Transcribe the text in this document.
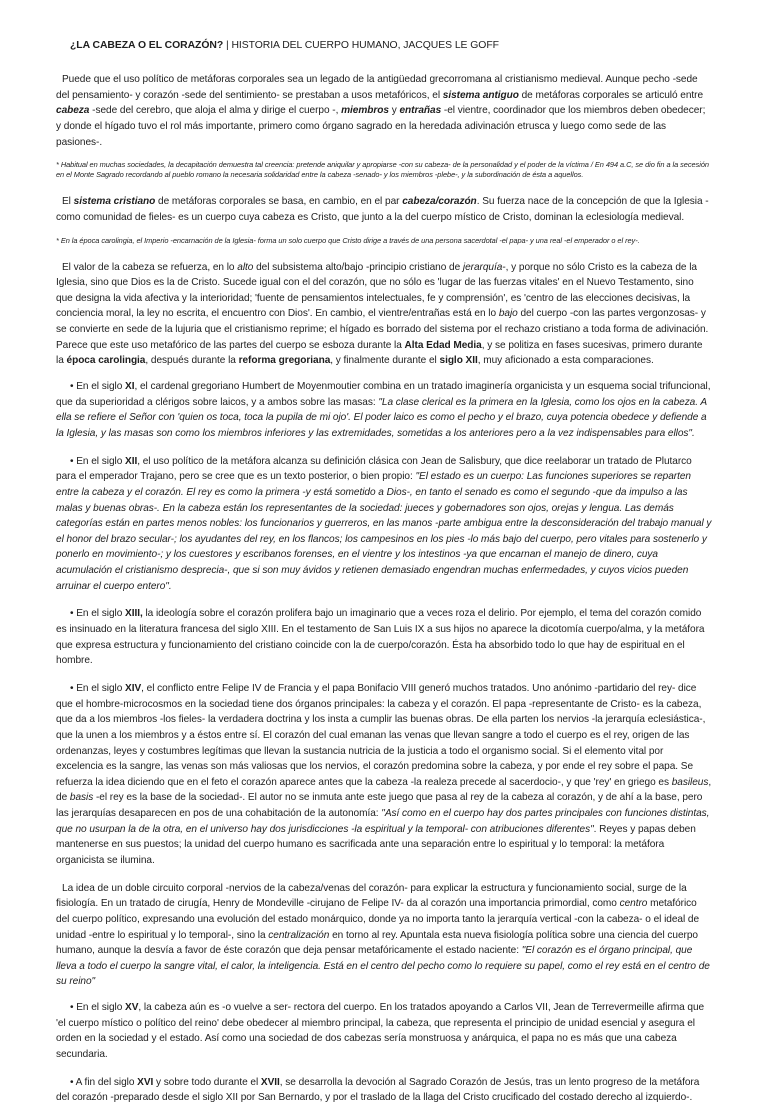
¿LA CABEZA O EL CORAZÓN? | HISTORIA DEL CUERPO HUMANO, JACQUES LE GOFF

Puede que el uso político de metáforas corporales sea un legado de la antigüedad grecorromana al cristianismo medieval. Aunque pecho -sede del pensamiento- y corazón -sede del sentimiento- se prestaban a usos metafóricos, el sistema antiguo de metáforas corporales se articuló entre cabeza -sede del cerebro, que aloja el alma y dirige el cuerpo -, miembros y entrañas -el vientre, coordinador que los miembros deben obedecer; y donde el hígado tuvo el rol más importante, primero como órgano sagrado en la heredada adivinación etrusca y luego como sede de las pasiones-.

* Habitual en muchas sociedades, la decapitación demuestra tal creencia: pretende aniquilar y apropiarse -con su cabeza- de la personalidad y el poder de la víctima / En 494 a.C, se dio fin a la secesión en el Monte Sagrado recordando al pueblo romano la necesaria solidaridad entre la cabeza -senado- y los miembros -plebe-, y la subordinación de ésta a aquellos.

El sistema cristiano de metáforas corporales se basa, en cambio, en el par cabeza/corazón. Su fuerza nace de la concepción de que la Iglesia -como comunidad de fieles- es un cuerpo cuya cabeza es Cristo, que junto a la del cuerpo místico de Cristo, dominan la eclesiología medieval.

* En la época carolingia, el Imperio -encarnación de la Iglesia- forma un solo cuerpo que Cristo dirige a través de una persona sacerdotal -el papa- y una real -el emperador o el rey-.

El valor de la cabeza se refuerza, en lo alto del subsistema alto/bajo -principio cristiano de jerarquía-, y porque no sólo Cristo es la cabeza de la Iglesia, sino que Dios es la de Cristo. Sucede igual con el del corazón, que no sólo es 'lugar de las fuerzas vitales' en el Nuevo Testamento, sino que designa la vida afectiva y la interioridad; 'fuente de pensamientos intelectuales, fe y comprensión', es 'centro de las elecciones decisivas, la conciencia moral, la ley no escrita, el encuentro con Dios'. En cambio, el vientre/entrañas está en lo bajo del cuerpo -con las partes vergonzosas- y se convierte en sede de la lujuria que el cristianismo reprime; el hígado es borrado del sistema por el rechazo cristiano a toda forma de adivinación. Parece que este uso metafórico de las partes del cuerpo se esboza durante la Alta Edad Media, y se politiza en fases sucesivas, primero durante la época carolingia, después durante la reforma gregoriana, y finalmente durante el siglo XII, muy aficionado a esta comparaciones.

• En el siglo XI, el cardenal gregoriano Humbert de Moyenmoutier combina en un tratado imaginería organicista y un esquema social trifuncional, que da superioridad a clérigos sobre laicos, y a ambos sobre las masas: "La clase clerical es la primera en la Iglesia, como los ojos en la cabeza. A ella se refiere el Señor con 'quien os toca, toca la pupila de mi ojo'. El poder laico es como el pecho y el brazo, cuya potencia obedece y defiende a la Iglesia, y las masas son como los miembros inferiores y las extremidades, sometidas a los anteriores pero a la vez indispensables para ellos".

• En el siglo XII, el uso político de la metáfora alcanza su definición clásica con Jean de Salisbury, que dice reelaborar un tratado de Plutarco para el emperador Trajano, pero se cree que es un texto posterior, o bien propio: "El estado es un cuerpo: Las funciones superiores se reparten entre la cabeza y el corazón. El rey es como la primera -y está sometido a Dios-, en tanto el senado es como el segundo -que da impulso a las malas y buenas obras-. En la cabeza están los representantes de la sociedad: jueces y gobernadores son ojos, orejas y lengua. Las demás categorías están en partes menos nobles: los funcionarios y guerreros, en las manos -parte ambigua entre la desconsideración del trabajo manual y el honor del brazo secular-; los ayudantes del rey, en los flancos; los campesinos en los pies -lo más bajo del cuerpo, pero vitales para sostenerlo y ponerlo en movimiento-; y los cuestores y escribanos forenses, en el vientre y los intestinos -ya que encarnan el manejo de dinero, cuya acumulación el cristianismo desprecia-, que si son muy ávidos y retienen demasiado engendran muchas enfermedades, y cuyos vicios pueden arruinar el cuerpo entero".

• En el siglo XIII, la ideología sobre el corazón prolifera bajo un imaginario que a veces roza el delirio. Por ejemplo, el tema del corazón comido es insinuado en la literatura francesa del siglo XIII. En el testamento de San Luis IX a sus hijos no aparece la dicotomía cuerpo/alma, y la metáfora que expresa estructura y funcionamiento del cristiano coincide con la de cuerpo/corazón. Ésta ha absorbido todo lo que hay de espiritual en el hombre.

• En el siglo XIV, el conflicto entre Felipe IV de Francia y el papa Bonifacio VIII generó muchos tratados. Uno anónimo -partidario del rey- dice que el hombre-microcosmos en la sociedad tiene dos órganos principales: la cabeza y el corazón. El papa -representante de Cristo- es la cabeza, que da a los miembros -los fieles- la verdadera doctrina y los insta a cumplir las buenas obras. De ella parten los nervios -la jerarquía eclesiástica-, que la unen a los miembros y a éstos entre sí. El corazón del cual emanan las venas que llevan sangre a todo el cuerpo es el rey, origen de las ordenanzas, leyes y costumbres legítimas que llevan la sustancia nutricia de la justicia a todo el organismo social. Si el elemento vital por excelencia es la sangre, las venas son más valiosas que los nervios, el corazón predomina sobre la cabeza, y por ende el rey sobre el papa. Se refuerza la idea diciendo que en el feto el corazón aparece antes que la cabeza -la realeza precede al sacerdocio-, y que 'rey' en griego es basileus, de basis -el rey es la base de la sociedad-. El autor no se inmuta ante este juego que pasa al rey de la cabeza al corazón, y de ahí a la base, pero las jerarquías desaparecen en pos de una cohabitación de la autonomía: "Así como en el cuerpo hay dos partes principales con funciones distintas, que no usurpan la de la otra, en el universo hay dos jurisdicciones -la espiritual y la temporal- con atribuciones diferentes". Reyes y papas deben mantenerse en sus puestos; la unidad del cuerpo humano es sacrificada ante una separación entre lo espiritual y lo temporal: la metáfora organicista se ilumina.

La idea de un doble circuito corporal -nervios de la cabeza/venas del corazón- para explicar la estructura y funcionamiento social, surge de la fisiología. En un tratado de cirugía, Henry de Mondeville -cirujano de Felipe IV- da al corazón una importancia primordial, como centro metafórico del cuerpo político, expresando una evolución del estado monárquico, donde ya no importa tanto la jerarquía vertical -con la cabeza- o el ideal de unidad -entre lo espiritual y lo temporal-, sino la centralización en torno al rey. Apuntala esta nueva fisiología política sobre una ciencia del cuerpo humano, aunque la desvía a favor de éste corazón que deja pensar metafóricamente el estado naciente: "El corazón es el órgano principal, que lleva a todo el cuerpo la sangre vital, el calor, la inteligencia. Está en el centro del pecho como lo requiere su papel, como el rey está en el centro de su reino"

• En el siglo XV, la cabeza aún es -o vuelve a ser- rectora del cuerpo. En los tratados apoyando a Carlos VII, Jean de Terrevermeille afirma que 'el cuerpo místico o político del reino' debe obedecer al miembro principal, la cabeza, que representa el principio de unidad esencial y asegura el orden en la sociedad y el estado. Así como una sociedad de dos cabezas sería monstruosa y anárquica, el papa no es más que una cabeza secundaria.

• A fin del siglo XVI y sobre todo durante el XVII, se desarrolla la devoción al Sagrado Corazón de Jesús, tras un lento progreso de la metáfora del corazón -preparado desde el siglo XII por San Bernardo, y por el traslado de la llaga del Cristo crucificado del costado derecho al izquierdo-.
